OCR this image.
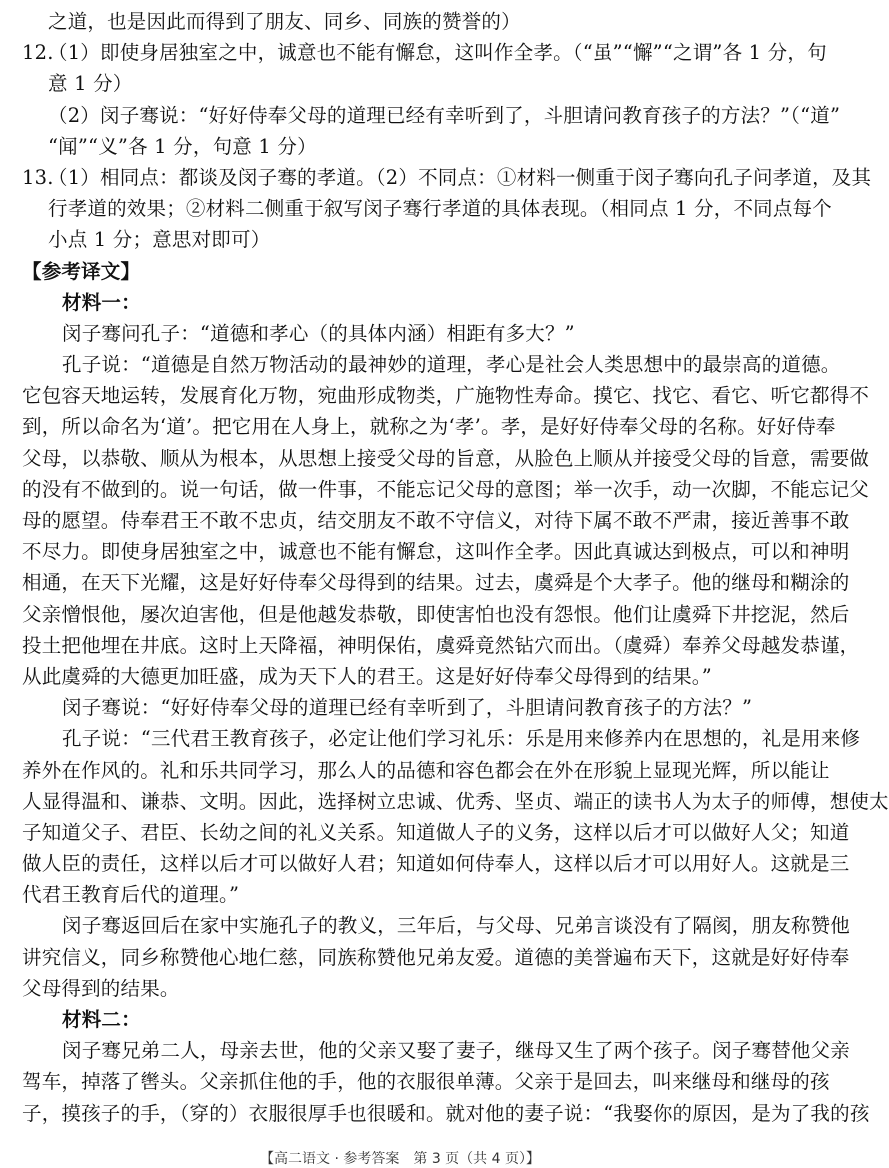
之道，也是因此而得到了朋友、同乡、同族的赞誉的）
12.（1）即使身居独室之中，诚意也不能有懈怠，这叫作全孝。（“虽”“懈”“之谓”各 1 分，句
意 1 分）
（2）闵子骞说：“好好侍奉父母的道理已经有幸听到了，斗胆请问教育孩子的方法？”（“道”
“闻”“义”各 1 分，句意 1 分）
13.（1）相同点：都谈及闵子骞的孝道。（2）不同点：①材料一侧重于闵子骞向孔子问孝道，及其
行孝道的效果；②材料二侧重于叙写闵子骞行孝道的具体表现。（相同点 1 分，不同点每个
小点 1 分；意思对即可）
【参考译文】
材料一：
闵子骞问孔子：“道德和孝心（的具体内涵）相距有多大？”
孔子说：“道德是自然万物活动的最神妙的道理，孝心是社会人类思想中的最崇高的道德。
它包容天地运转，发展育化万物，宛曲形成物类，广施物性寿命。摸它、找它、看它、听它都得不
到，所以命名为‘道’。把它用在人身上，就称之为‘孝’。孝，是好好侍奉父母的名称。好好侍奉
父母，以恭敬、顺从为根本，从思想上接受父母的旨意，从脸色上顺从并接受父母的旨意，需要做
的没有不做到的。说一句话，做一件事，不能忘记父母的意图；举一次手，动一次脚，不能忘记父
母的愿望。侍奉君王不敢不忠贞，结交朋友不敢不守信义，对待下属不敢不严肃，接近善事不敢
不尽力。即使身居独室之中，诚意也不能有懈怠，这叫作全孝。因此真诚达到极点，可以和神明
相通，在天下光耀，这是好好侍奉父母得到的结果。过去，虞舜是个大孝子。他的继母和糊涂的
父亲憎恨他，屡次迫害他，但是他越发恭敬，即使害怕也没有怨恨。他们让虞舜下井挖泥，然后
投土把他埋在井底。这时上天降福，神明保佑，虞舜竟然钻穴而出。（虞舜）奉养父母越发恭谨，
从此虞舜的大德更加旺盛，成为天下人的君王。这是好好侍奉父母得到的结果。”
闵子骞说：“好好侍奉父母的道理已经有幸听到了，斗胆请问教育孩子的方法？”
孔子说：“三代君王教育孩子，必定让他们学习礼乐：乐是用来修养内在思想的，礼是用来修
养外在作风的。礼和乐共同学习，那么人的品德和容色都会在外在形貌上显现光辉，所以能让
人显得温和、谦恭、文明。因此，选择树立忠诚、优秀、坚贞、端正的读书人为太子的师傅，想使太
子知道父子、君臣、长幼之间的礼义关系。知道做人子的义务，这样以后才可以做好人父；知道
做人臣的责任，这样以后才可以做好人君；知道如何侍奉人，这样以后才可以用好人。这就是三
代君王教育后代的道理。”
闵子骞返回后在家中实施孔子的教义，三年后，与父母、兄弟言谈没有了隔阂，朋友称赞他
讲究信义，同乡称赞他心地仁慈，同族称赞他兄弟友爱。道德的美誉遍布天下，这就是好好侍奉
父母得到的结果。
材料二：
闵子骞兄弟二人，母亲去世，他的父亲又娶了妻子，继母又生了两个孩子。闵子骞替他父亲
驾车，掉落了辔头。父亲抓住他的手，他的衣服很单薄。父亲于是回去，叫来继母和继母的孩
子，摸孩子的手，（穿的）衣服很厚手也很暖和。就对他的妻子说：“我娶你的原因，是为了我的孩
【高二语文 · 参考答案　第 3 页（共 4 页）】
